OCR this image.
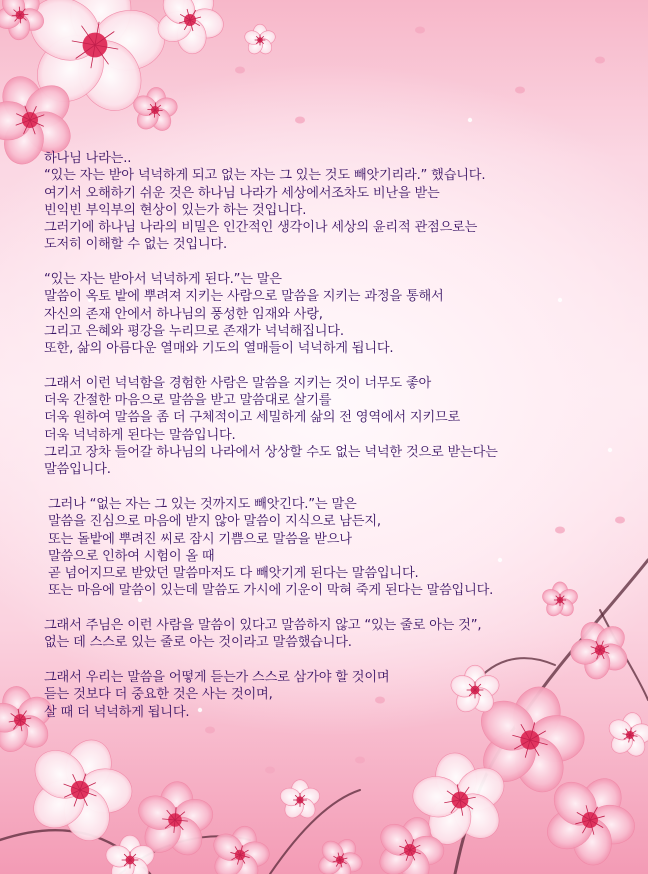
하나님 나라는..
“있는 자는 받아 넉넉하게 되고 없는 자는 그 있는 것도 빼앗기리라.” 했습니다.
여기서 오해하기 쉬운 것은 하나님 나라가 세상에서조차도 비난을 받는
빈익빈 부익부의 현상이 있는가 하는 것입니다.
그러기에 하나님 나라의 비밀은 인간적인 생각이나 세상의 윤리적 관점으로는
도저히 이해할 수 없는 것입니다.
“있는 자는 받아서 넉넉하게 된다.”는 말은
말씀이 옥토 밭에 뿌려져 지키는 사람으로 말씀을 지키는 과정을 통해서
자신의 존재 안에서 하나님의 풍성한 임재와 사랑,
그리고 은혜와 평강을 누리므로 존재가 넉넉해집니다.
또한, 삶의 아름다운 열매와 기도의 열매들이 넉넉하게 됩니다.
그래서 이런 넉넉함을 경험한 사람은 말씀을 지키는 것이 너무도 좋아
더욱 간절한 마음으로 말씀을 받고 말씀대로 살기를
더욱 원하여 말씀을 좀 더 구체적이고 세밀하게 삶의 전 영역에서 지키므로
더욱 넉넉하게 된다는 말씀입니다.
그리고 장차 들어갈 하나님의 나라에서 상상할 수도 없는 넉넉한 것으로 받는다는
말씀입니다.
그러나 “없는 자는 그 있는 것까지도 빼앗긴다.”는 말은
말씀을 진심으로 마음에 받지 않아 말씀이 지식으로 남든지,
또는 돌밭에 뿌려진 씨로 잠시 기쁨으로 말씀을 받으나
말씀으로 인하여 시험이 올 때
곧 넘어지므로 받았던 말씀마저도 다 빼앗기게 된다는 말씀입니다.
또는 마음에 말씀이 있는데 말씀도 가시에 기운이 막혀 죽게 된다는 말씀입니다.
그래서 주님은 이런 사람을 말씀이 있다고 말씀하지 않고 “있는 줄로 아는 것”,
없는 데 스스로 있는 줄로 아는 것이라고 말씀했습니다.
그래서 우리는 말씀을 어떻게 듣는가 스스로 삼가야 할 것이며
듣는 것보다 더 중요한 것은 사는 것이며,
살 때 더 넉넉하게 됩니다.
